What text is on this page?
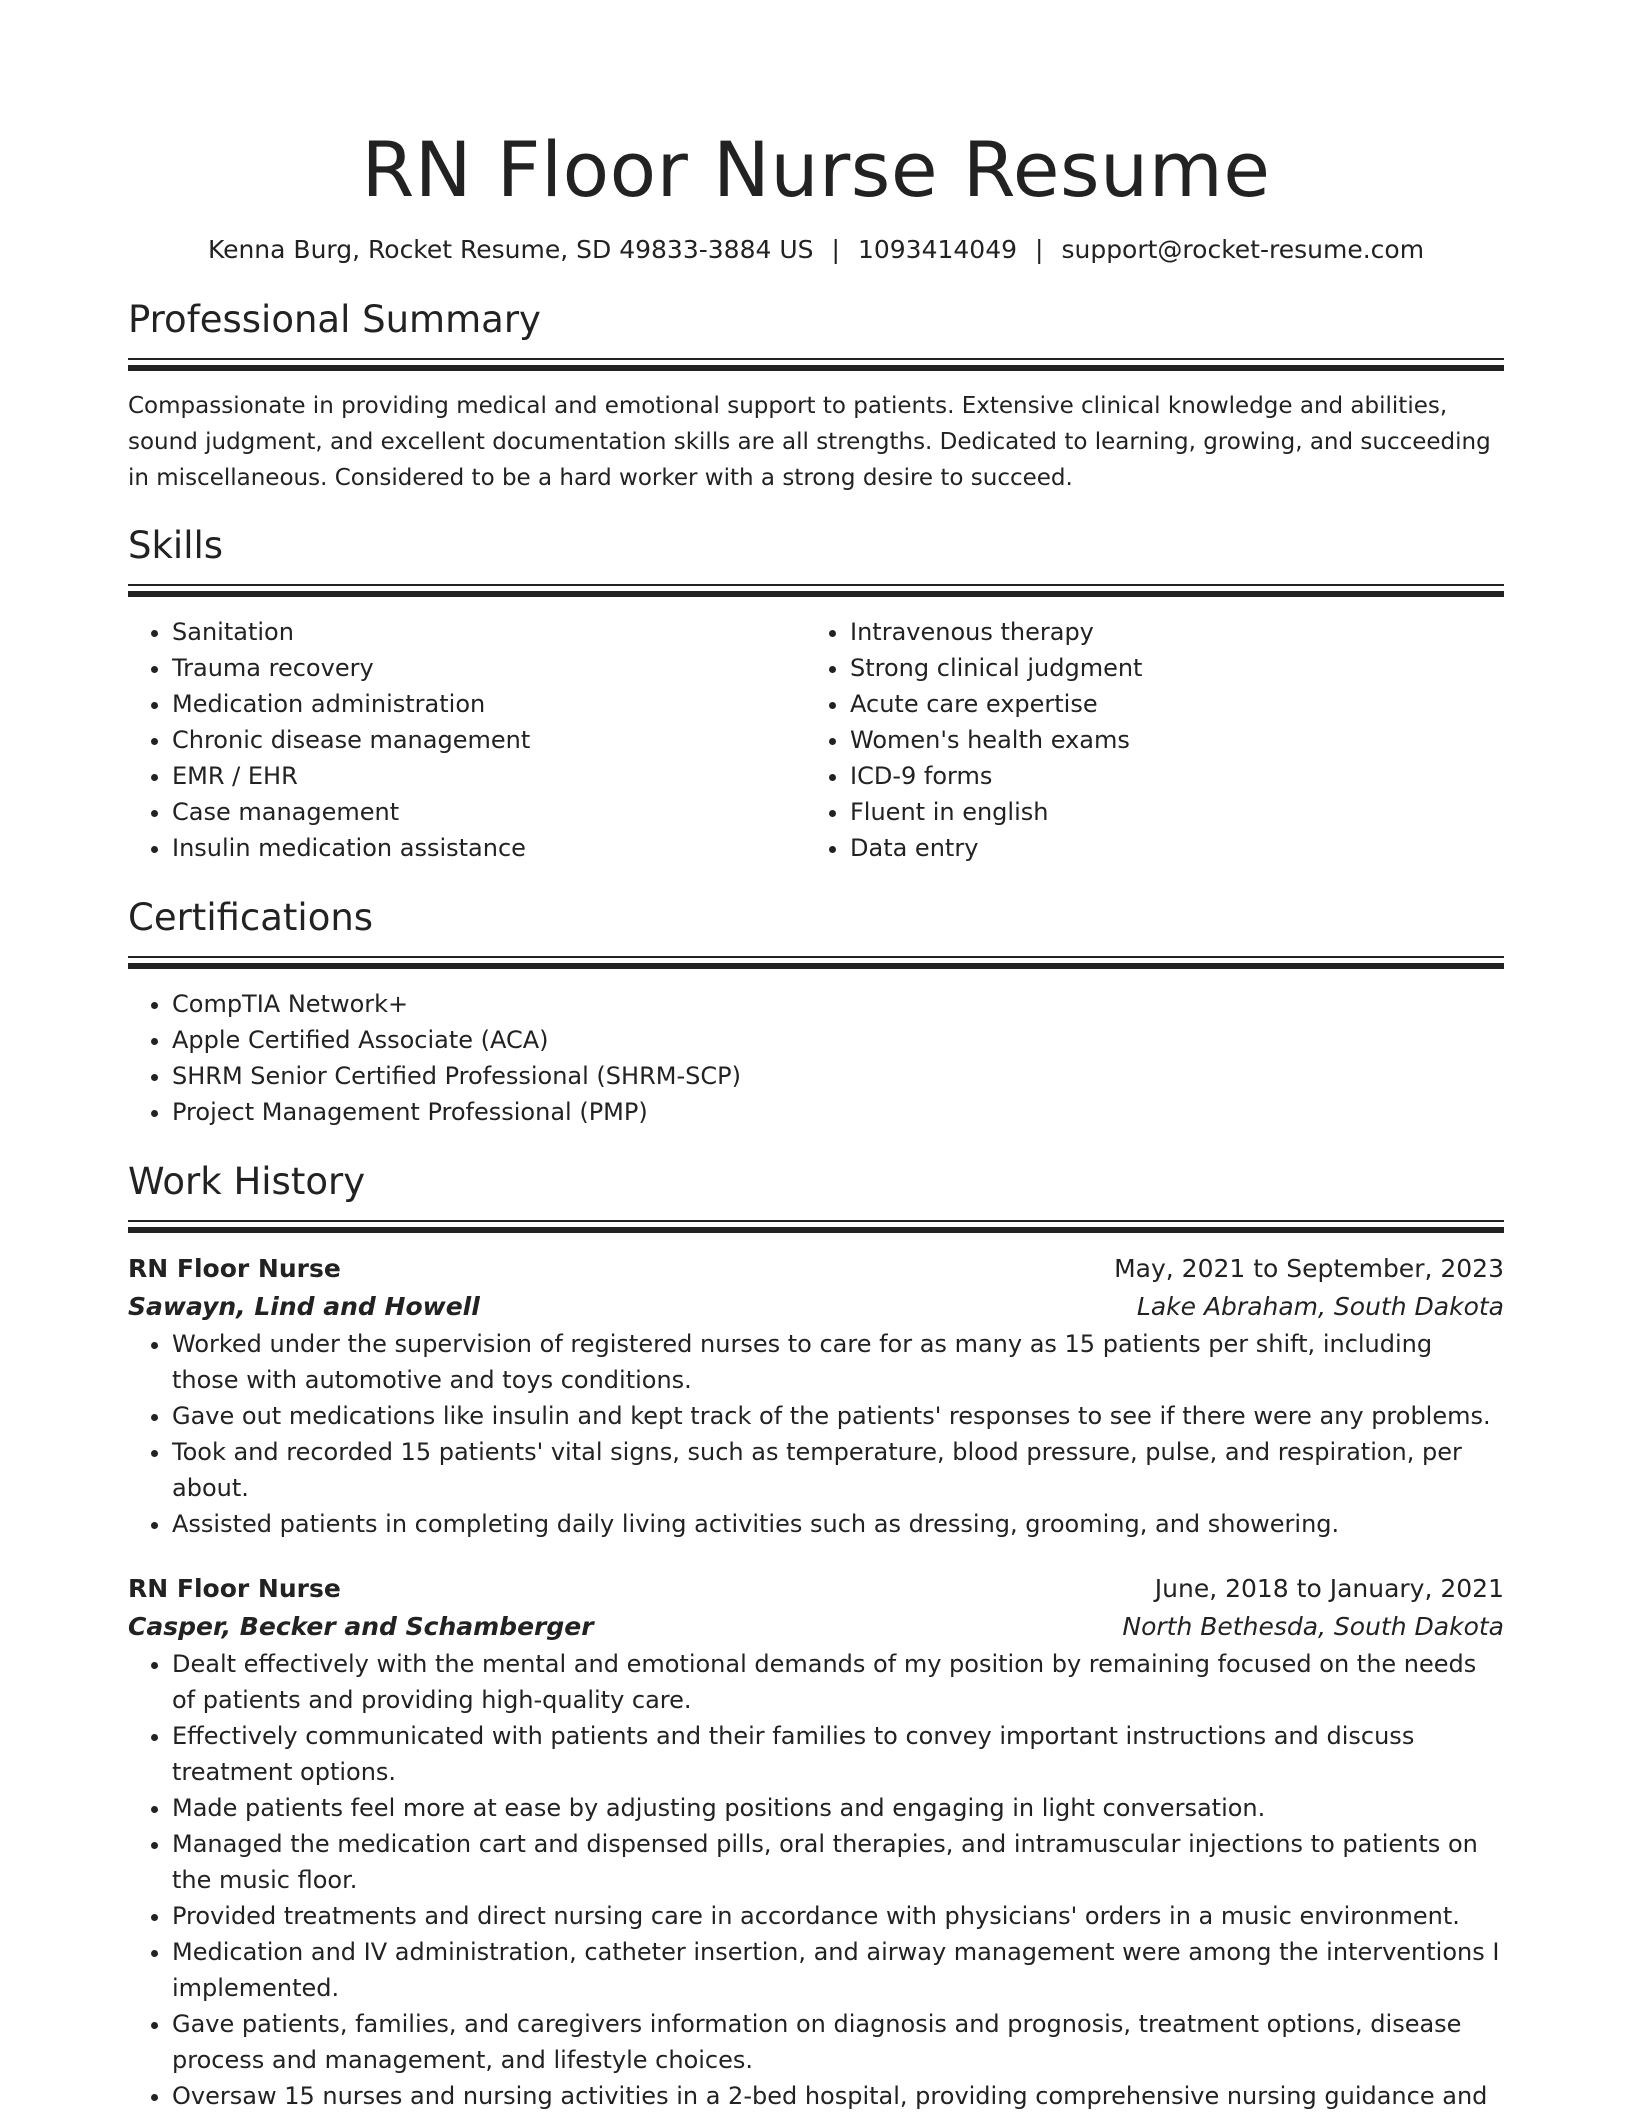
RN Floor Nurse Resume
Kenna Burg, Rocket Resume, SD 49833-3884 US | 1093414049 | support@rocket-resume.com
Professional Summary

Compassionate in providing medical and emotional support to patients. Extensive clinical knowledge and abilities, sound judgment, and excellent documentation skills are all strengths. Dedicated to learning, growing, and succeeding in miscellaneous. Considered to be a hard worker with a strong desire to succeed.

Skills
• Sanitation
• Trauma recovery
• Medication administration
• Chronic disease management
• EMR / EHR
• Case management
• Insulin medication assistance
• Intravenous therapy
• Strong clinical judgment
• Acute care expertise
• Women's health exams
• ICD-9 forms
• Fluent in english
• Data entry
Certifications
• CompTIA Network+
• Apple Certified Associate (ACA)
• SHRM Senior Certified Professional (SHRM-SCP)
• Project Management Professional (PMP)
Work History
RN Floor Nurse	May, 2021 to September, 2023
Sawayn, Lind and Howell	Lake Abraham, South Dakota
• Worked under the supervision of registered nurses to care for as many as 15 patients per shift, including those with automotive and toys conditions.
• Gave out medications like insulin and kept track of the patients' responses to see if there were any problems.
• Took and recorded 15 patients' vital signs, such as temperature, blood pressure, pulse, and respiration, per about.
• Assisted patients in completing daily living activities such as dressing, grooming, and showering.
RN Floor Nurse	June, 2018 to January, 2021
Casper, Becker and Schamberger	North Bethesda, South Dakota
• Dealt effectively with the mental and emotional demands of my position by remaining focused on the needs of patients and providing high-quality care.
• Effectively communicated with patients and their families to convey important instructions and discuss treatment options.
• Made patients feel more at ease by adjusting positions and engaging in light conversation.
• Managed the medication cart and dispensed pills, oral therapies, and intramuscular injections to patients on the music floor.
• Provided treatments and direct nursing care in accordance with physicians' orders in a music environment.
• Medication and IV administration, catheter insertion, and airway management were among the interventions I implemented.
• Gave patients, families, and caregivers information on diagnosis and prognosis, treatment options, disease process and management, and lifestyle choices.
• Oversaw 15 nurses and nursing activities in a 2-bed hospital, providing comprehensive nursing guidance and
